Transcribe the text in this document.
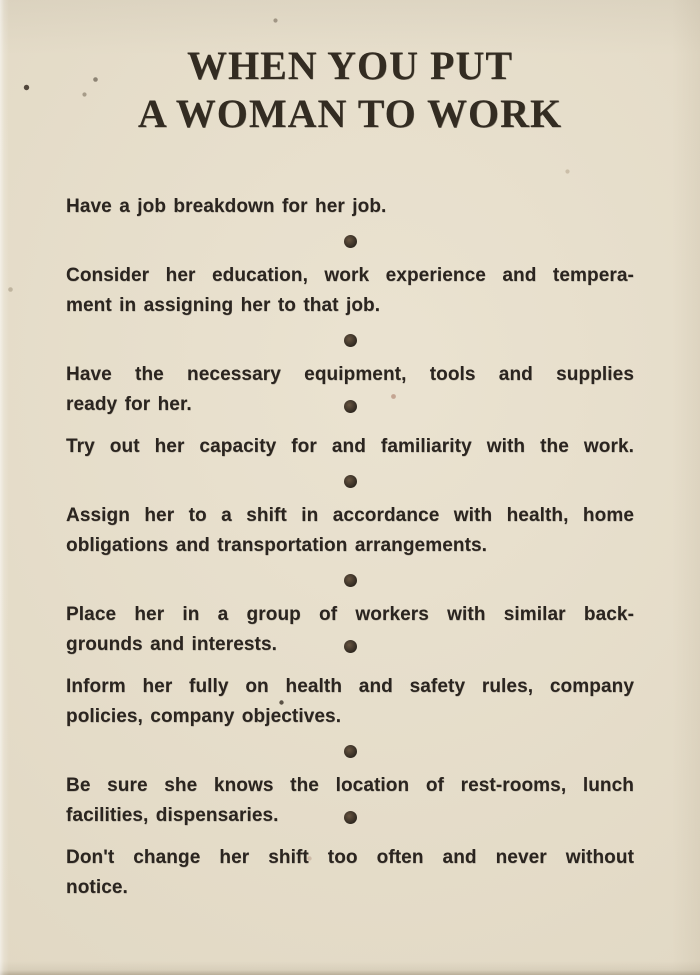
WHEN YOU PUT
A WOMAN TO WORK

Have a job breakdown for her job.

Consider her education, work experience and tempera-
ment in assigning her to that job.

Have the necessary equipment, tools and supplies
ready for her.

Try out her capacity for and familiarity with the work.

Assign her to a shift in accordance with health, home
obligations and transportation arrangements.

Place her in a group of workers with similar back-
grounds and interests.

Inform her fully on health and safety rules, company
policies, company objectives.

Be sure she knows the location of rest-rooms, lunch
facilities, dispensaries.

Don't change her shift too often and never without
notice.
